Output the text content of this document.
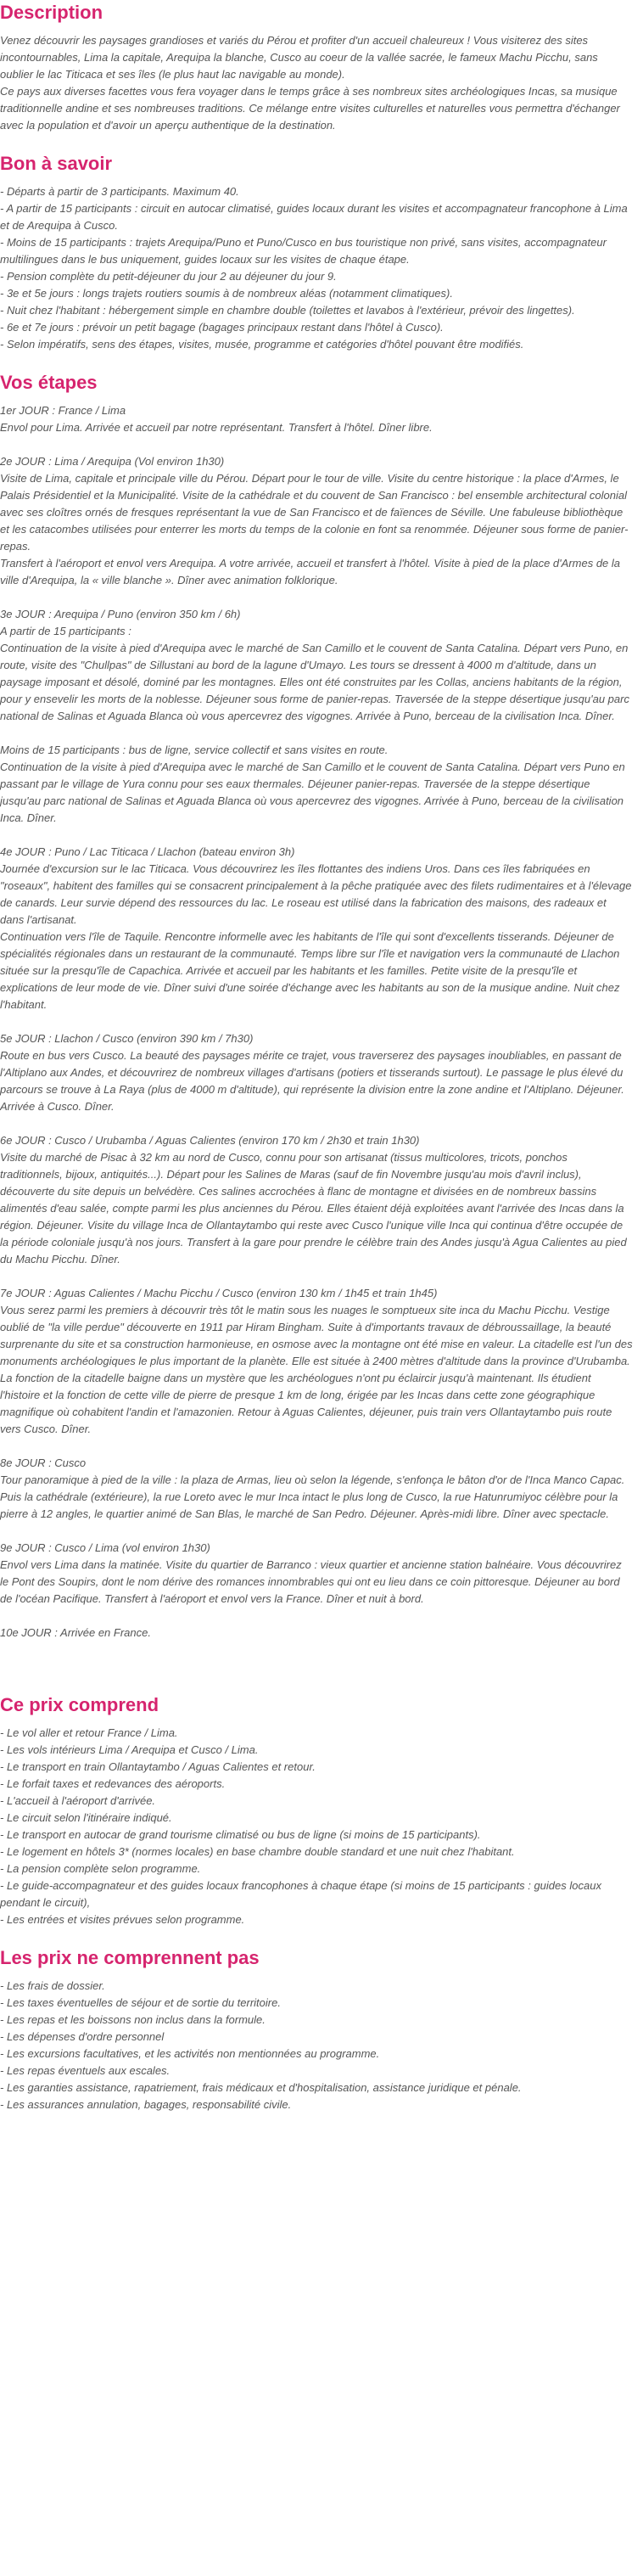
Description

Venez découvrir les paysages grandioses et variés du Pérou et profiter d'un accueil chaleureux ! Vous visiterez des sites incontournables, Lima la capitale, Arequipa la blanche, Cusco au coeur de la vallée sacrée, le fameux Machu Picchu, sans oublier le lac Titicaca et ses îles (le plus haut lac navigable au monde).

Ce pays aux diverses facettes vous fera voyager dans le temps grâce à ses nombreux sites archéologiques Incas, sa musique traditionnelle andine et ses nombreuses traditions. Ce mélange entre visites culturelles et naturelles vous permettra d'échanger avec la population et d'avoir un aperçu authentique de la destination.

Bon à savoir
- Départs à partir de 3 participants. Maximum 40.
- A partir de 15 participants : circuit en autocar climatisé, guides locaux durant les visites et accompagnateur francophone à Lima et de Arequipa à Cusco.
- Moins de 15 participants : trajets Arequipa/Puno et Puno/Cusco en bus touristique non privé, sans visites, accompagnateur multilingues dans le bus uniquement, guides locaux sur les visites de chaque étape.
- Pension complète du petit-déjeuner du jour 2 au déjeuner du jour 9.
- 3e et 5e jours : longs trajets routiers soumis à de nombreux aléas (notamment climatiques).
- Nuit chez l'habitant : hébergement simple en chambre double (toilettes et lavabos à l'extérieur, prévoir des lingettes).
- 6e et 7e jours : prévoir un petit bagage (bagages principaux restant dans l'hôtel à Cusco).
- Selon impératifs, sens des étapes, visites, musée, programme et catégories d'hôtel pouvant être modifiés.
Vos étapes

1er JOUR : France / Lima

Envol pour Lima. Arrivée et accueil par notre représentant. Transfert à l'hôtel. Dîner libre.

2e JOUR : Lima / Arequipa (Vol environ 1h30)

Visite de Lima, capitale et principale ville du Pérou. Départ pour le tour de ville. Visite du centre historique : la place d'Armes, le Palais Présidentiel et la Municipalité. Visite de la cathédrale et du couvent de San Francisco : bel ensemble architectural colonial avec ses cloîtres ornés de fresques représentant la vue de San Francisco et de faïences de Séville. Une fabuleuse bibliothèque et les catacombes utilisées pour enterrer les morts du temps de la colonie en font sa renommée. Déjeuner sous forme de panier-repas.

Transfert à l'aéroport et envol vers Arequipa. A votre arrivée, accueil et transfert à l'hôtel. Visite à pied de la place d'Armes de la ville d'Arequipa, la « ville blanche ». Dîner avec animation folklorique.

3e JOUR : Arequipa / Puno (environ 350 km / 6h)

A partir de 15 participants :

Continuation de la visite à pied d'Arequipa avec le marché de San Camillo et le couvent de Santa Catalina. Départ vers Puno, en route, visite des "Chullpas" de Sillustani au bord de la lagune d'Umayo. Les tours se dressent à 4000 m d'altitude, dans un paysage imposant et désolé, dominé par les montagnes. Elles ont été construites par les Collas, anciens habitants de la région, pour y ensevelir les morts de la noblesse. Déjeuner sous forme de panier-repas. Traversée de la steppe désertique jusqu'au parc national de Salinas et Aguada Blanca où vous apercevrez des vigognes. Arrivée à Puno, berceau de la civilisation Inca. Dîner.

Moins de 15 participants : bus de ligne, service collectif et sans visites en route.

Continuation de la visite à pied d'Arequipa avec le marché de San Camillo et le couvent de Santa Catalina. Départ vers Puno en passant par le village de Yura connu pour ses eaux thermales. Déjeuner panier-repas. Traversée de la steppe désertique jusqu'au parc national de Salinas et Aguada Blanca où vous apercevrez des vigognes. Arrivée à Puno, berceau de la civilisation Inca. Dîner.

4e JOUR : Puno / Lac Titicaca / Llachon (bateau environ 3h)

Journée d'excursion sur le lac Titicaca. Vous découvrirez les îles flottantes des indiens Uros. Dans ces îles fabriquées en "roseaux", habitent des familles qui se consacrent principalement à la pêche pratiquée avec des filets rudimentaires et à l'élevage de canards. Leur survie dépend des ressources du lac. Le roseau est utilisé dans la fabrication des maisons, des radeaux et dans l'artisanat.

Continuation vers l'île de Taquile. Rencontre informelle avec les habitants de l'île qui sont d'excellents tisserands. Déjeuner de spécialités régionales dans un restaurant de la communauté. Temps libre sur l'île et navigation vers la communauté de Llachon située sur la presqu'île de Capachica. Arrivée et accueil par les habitants et les familles. Petite visite de la presqu'île et explications de leur mode de vie. Dîner suivi d'une soirée d'échange avec les habitants au son de la musique andine. Nuit chez l'habitant.

5e JOUR : Llachon / Cusco (environ 390 km / 7h30)

Route en bus vers Cusco. La beauté des paysages mérite ce trajet, vous traverserez des paysages inoubliables, en passant de l'Altiplano aux Andes, et découvrirez de nombreux villages d'artisans (potiers et tisserands surtout). Le passage le plus élevé du parcours se trouve à La Raya (plus de 4000 m d'altitude), qui représente la division entre la zone andine et l'Altiplano. Déjeuner. Arrivée à Cusco. Dîner.

6e JOUR : Cusco / Urubamba / Aguas Calientes (environ 170 km / 2h30 et train 1h30)

Visite du marché de Pisac à 32 km au nord de Cusco, connu pour son artisanat (tissus multicolores, tricots, ponchos traditionnels, bijoux, antiquités...). Départ pour les Salines de Maras (sauf de fin Novembre jusqu'au mois d'avril inclus), découverte du site depuis un belvédère. Ces salines accrochées à flanc de montagne et divisées en de nombreux bassins alimentés d'eau salée, compte parmi les plus anciennes du Pérou. Elles étaient déjà exploitées avant l'arrivée des Incas dans la région. Déjeuner. Visite du village Inca de Ollantaytambo qui reste avec Cusco l'unique ville Inca qui continua d'être occupée de la période coloniale jusqu'à nos jours. Transfert à la gare pour prendre le célèbre train des Andes jusqu'à Agua Calientes au pied du Machu Picchu. Dîner.

7e JOUR : Aguas Calientes / Machu Picchu / Cusco (environ 130 km / 1h45 et train 1h45)

Vous serez parmi les premiers à découvrir très tôt le matin sous les nuages le somptueux site inca du Machu Picchu. Vestige oublié de "la ville perdue" découverte en 1911 par Hiram Bingham. Suite à d'importants travaux de débroussaillage, la beauté surprenante du site et sa construction harmonieuse, en osmose avec la montagne ont été mise en valeur. La citadelle est l'un des monuments archéologiques le plus important de la planète. Elle est située à 2400 mètres d'altitude dans la province d'Urubamba. La fonction de la citadelle baigne dans un mystère que les archéologues n'ont pu éclaircir jusqu'à maintenant. Ils étudient l'histoire et la fonction de cette ville de pierre de presque 1 km de long, érigée par les Incas dans cette zone géographique magnifique où cohabitent l'andin et l'amazonien. Retour à Aguas Calientes, déjeuner, puis train vers Ollantaytambo puis route vers Cusco. Dîner.

8e JOUR : Cusco

Tour panoramique à pied de la ville : la plaza de Armas, lieu où selon la légende, s'enfonça le bâton d'or de l'Inca Manco Capac. Puis la cathédrale (extérieure), la rue Loreto avec le mur Inca intact le plus long de Cusco, la rue Hatunrumiyoc célèbre pour la pierre à 12 angles, le quartier animé de San Blas, le marché de San Pedro. Déjeuner. Après-midi libre. Dîner avec spectacle.

9e JOUR : Cusco / Lima (vol environ 1h30)

Envol vers Lima dans la matinée. Visite du quartier de Barranco : vieux quartier et ancienne station balnéaire. Vous découvrirez le Pont des Soupirs, dont le nom dérive des romances innombrables qui ont eu lieu dans ce coin pittoresque. Déjeuner au bord de l'océan Pacifique. Transfert à l'aéroport et envol vers la France. Dîner et nuit à bord.

10e JOUR : Arrivée en France.

Ce prix comprend
- Le vol aller et retour France / Lima.
- Les vols intérieurs Lima / Arequipa et Cusco / Lima.
- Le transport en train Ollantaytambo / Aguas Calientes et retour.
- Le forfait taxes et redevances des aéroports.
- L'accueil à l'aéroport d'arrivée.
- Le circuit selon l'itinéraire indiqué.
- Le transport en autocar de grand tourisme climatisé ou bus de ligne (si moins de 15 participants).
- Le logement en hôtels 3* (normes locales) en base chambre double standard et une nuit chez l'habitant.
- La pension complète selon programme.
- Le guide-accompagnateur et des guides locaux francophones à chaque étape (si moins de 15 participants : guides locaux pendant le circuit),
- Les entrées et visites prévues selon programme.
Les prix ne comprennent pas
- Les frais de dossier.
- Les taxes éventuelles de séjour et de sortie du territoire.
- Les repas et les boissons non inclus dans la formule.
- Les dépenses d'ordre personnel
- Les excursions facultatives, et les activités non mentionnées au programme.
- Les repas éventuels aux escales.
- Les garanties assistance, rapatriement, frais médicaux et d'hospitalisation, assistance juridique et pénale.
- Les assurances annulation, bagages, responsabilité civile.
